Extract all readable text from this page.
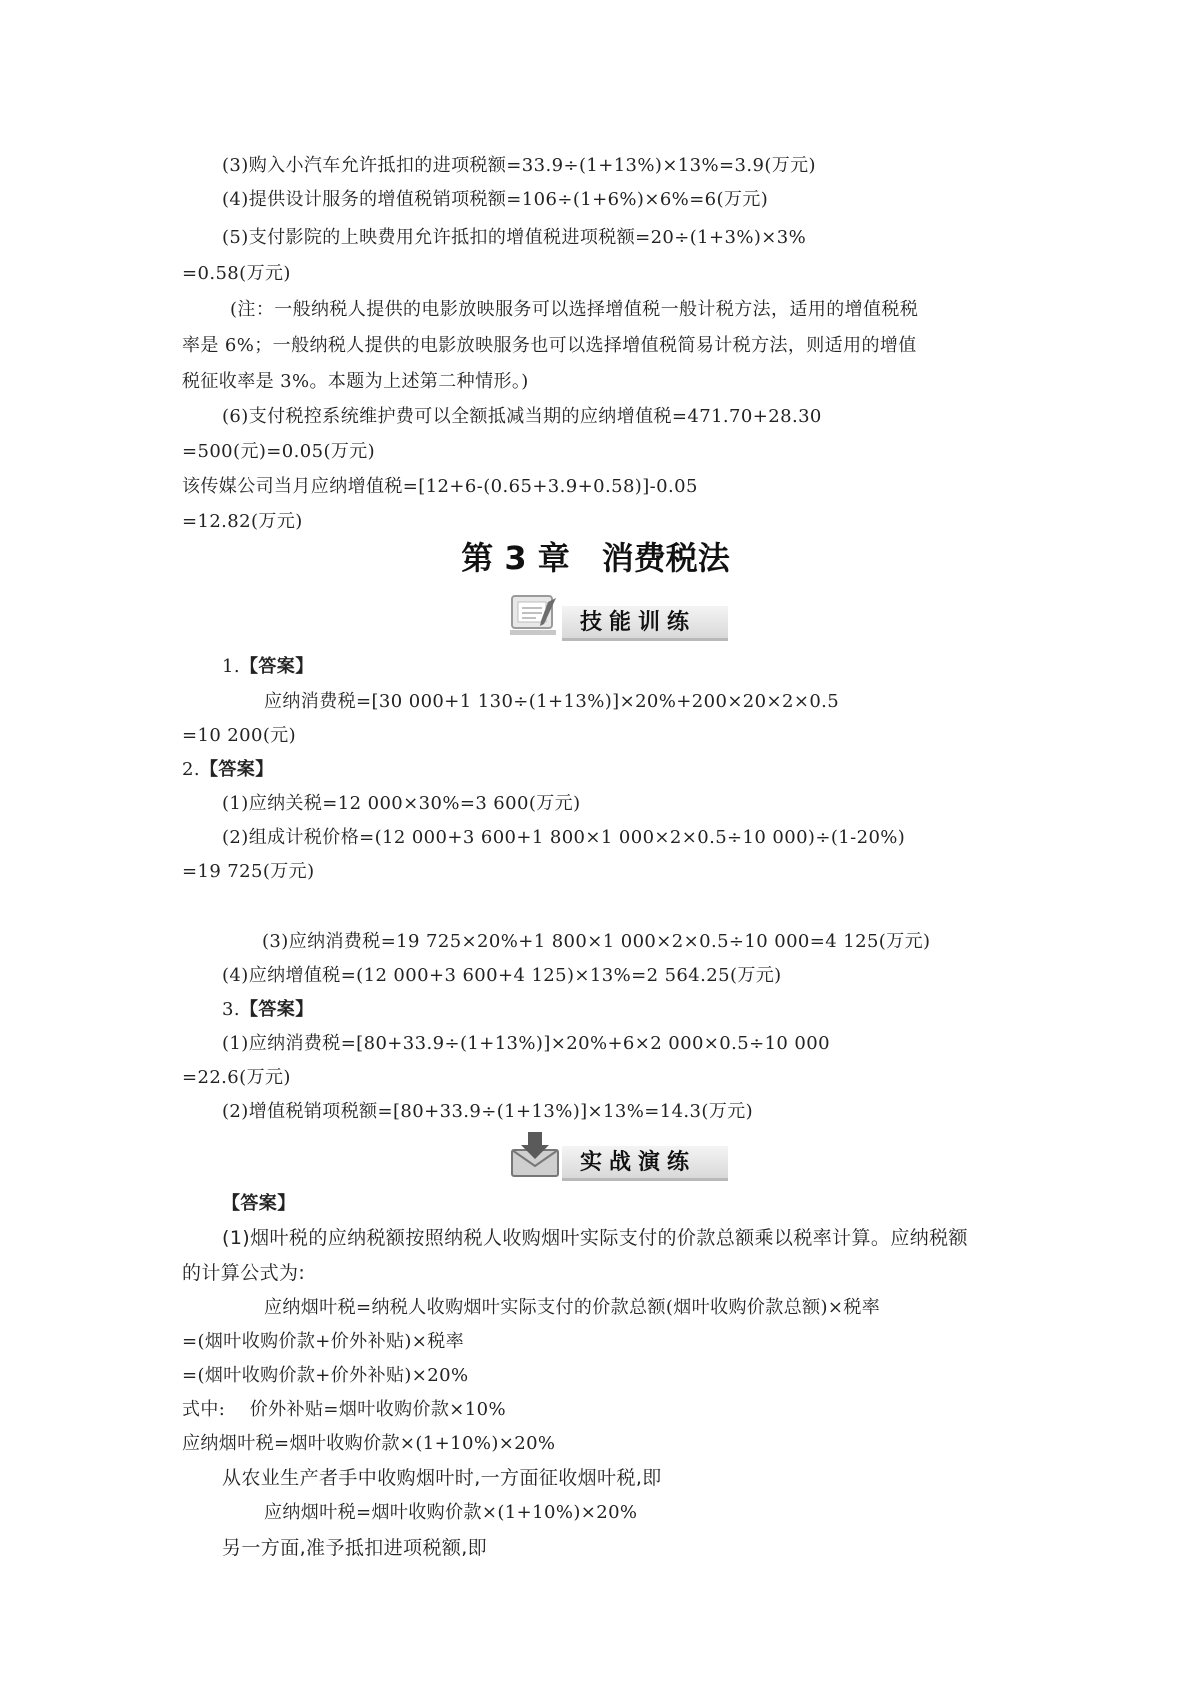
(3)购入小汽车允许抵扣的进项税额=33.9÷(1+13%)×13%=3.9(万元)
(4)提供设计服务的增值税销项税额=106÷(1+6%)×6%=6(万元)
(5)支付影院的上映费用允许抵扣的增值税进项税额=20÷(1+3%)×3%
=0.58(万元)
(注：一般纳税人提供的电影放映服务可以选择增值税一般计税方法，适用的增值税税
率是 6%；一般纳税人提供的电影放映服务也可以选择增值税简易计税方法，则适用的增值
税征收率是 3%。本题为上述第二种情形。)
(6)支付税控系统维护费可以全额抵减当期的应纳增值税=471.70+28.30
=500(元)=0.05(万元)
该传媒公司当月应纳增值税=[12+6-(0.65+3.9+0.58)]-0.05
=12.82(万元)
第 3 章　消费税法
技能训练
1. 【答案】
应纳消费税=[30 000+1 130÷(1+13%)]×20%+200×20×2×0.5
=10 200(元)
2. 【答案】
(1)应纳关税=12 000×30%=3 600(万元)
(2)组成计税价格=(12 000+3 600+1 800×1 000×2×0.5÷10 000)÷(1-20%)
=19 725(万元)
(3)应纳消费税=19 725×20%+1 800×1 000×2×0.5÷10 000=4 125(万元)
(4)应纳增值税=(12 000+3 600+4 125)×13%=2 564.25(万元)
3. 【答案】
(1)应纳消费税=[80+33.9÷(1+13%)]×20%+6×2 000×0.5÷10 000
=22.6(万元)
(2)增值税销项税额=[80+33.9÷(1+13%)]×13%=14.3(万元)
实战演练
【答案】
(1)烟叶税的应纳税额按照纳税人收购烟叶实际支付的价款总额乘以税率计算。应纳税额
的计算公式为:
应纳烟叶税=纳税人收购烟叶实际支付的价款总额(烟叶收购价款总额)×税率
=(烟叶收购价款+价外补贴)×税率
=(烟叶收购价款+价外补贴)×20%
式中:　 价外补贴=烟叶收购价款×10%
应纳烟叶税=烟叶收购价款×(1+10%)×20%
从农业生产者手中收购烟叶时,一方面征收烟叶税,即
应纳烟叶税=烟叶收购价款×(1+10%)×20%
另一方面,准予抵扣进项税额,即
